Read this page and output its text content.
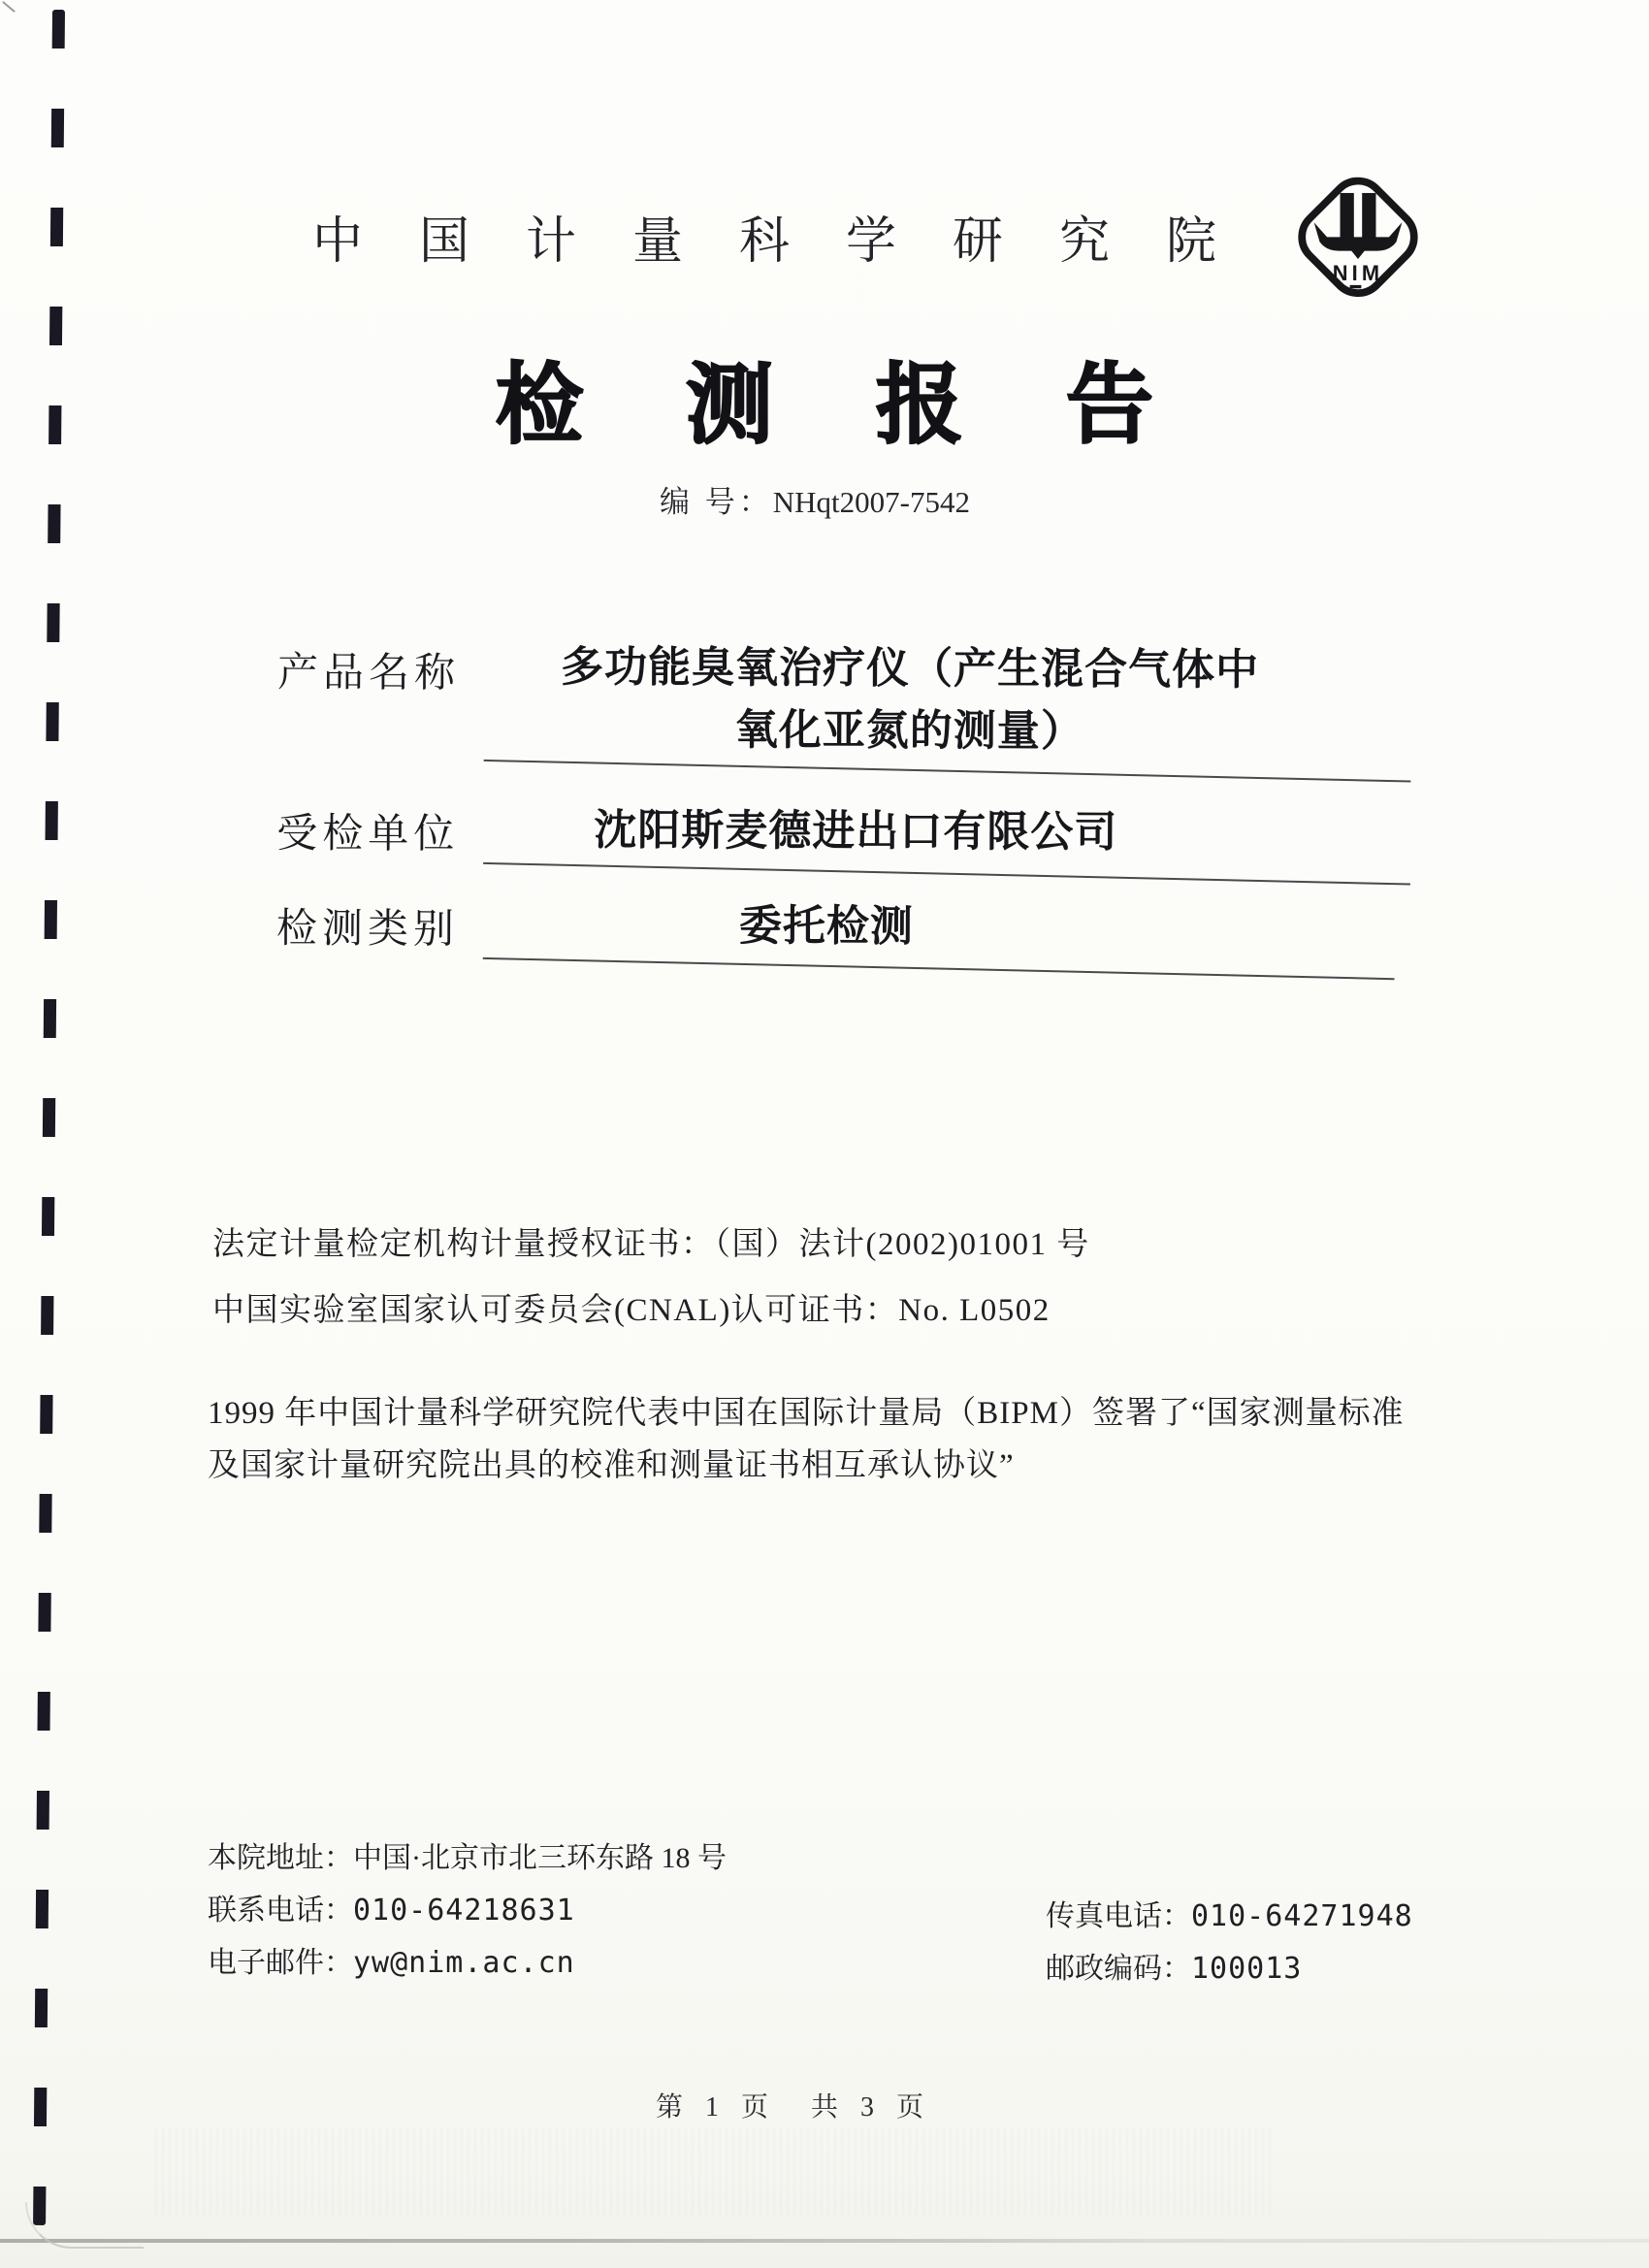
中国计量科学研究院
NIM
检测报告
编 号：NHqt2007-7542
产品名称	多功能臭氧治疗仪（产生混合气体中
氧化亚氮的测量）
受检单位	沈阳斯麦德进出口有限公司
检测类别	委托检测
法定计量检定机构计量授权证书：（国）法计(2002)01001 号
中国实验室国家认可委员会(CNAL)认可证书：No. L0502
1999 年中国计量科学研究院代表中国在国际计量局（BIPM）签署了“国家测量标准
及国家计量研究院出具的校准和测量证书相互承认协议”
本院地址：中国·北京市北三环东路 18 号
联系电话：010-64218631
电子邮件：yw@nim.ac.cn
传真电话：010-64271948
邮政编码：100013
第 1 页　共 3 页
